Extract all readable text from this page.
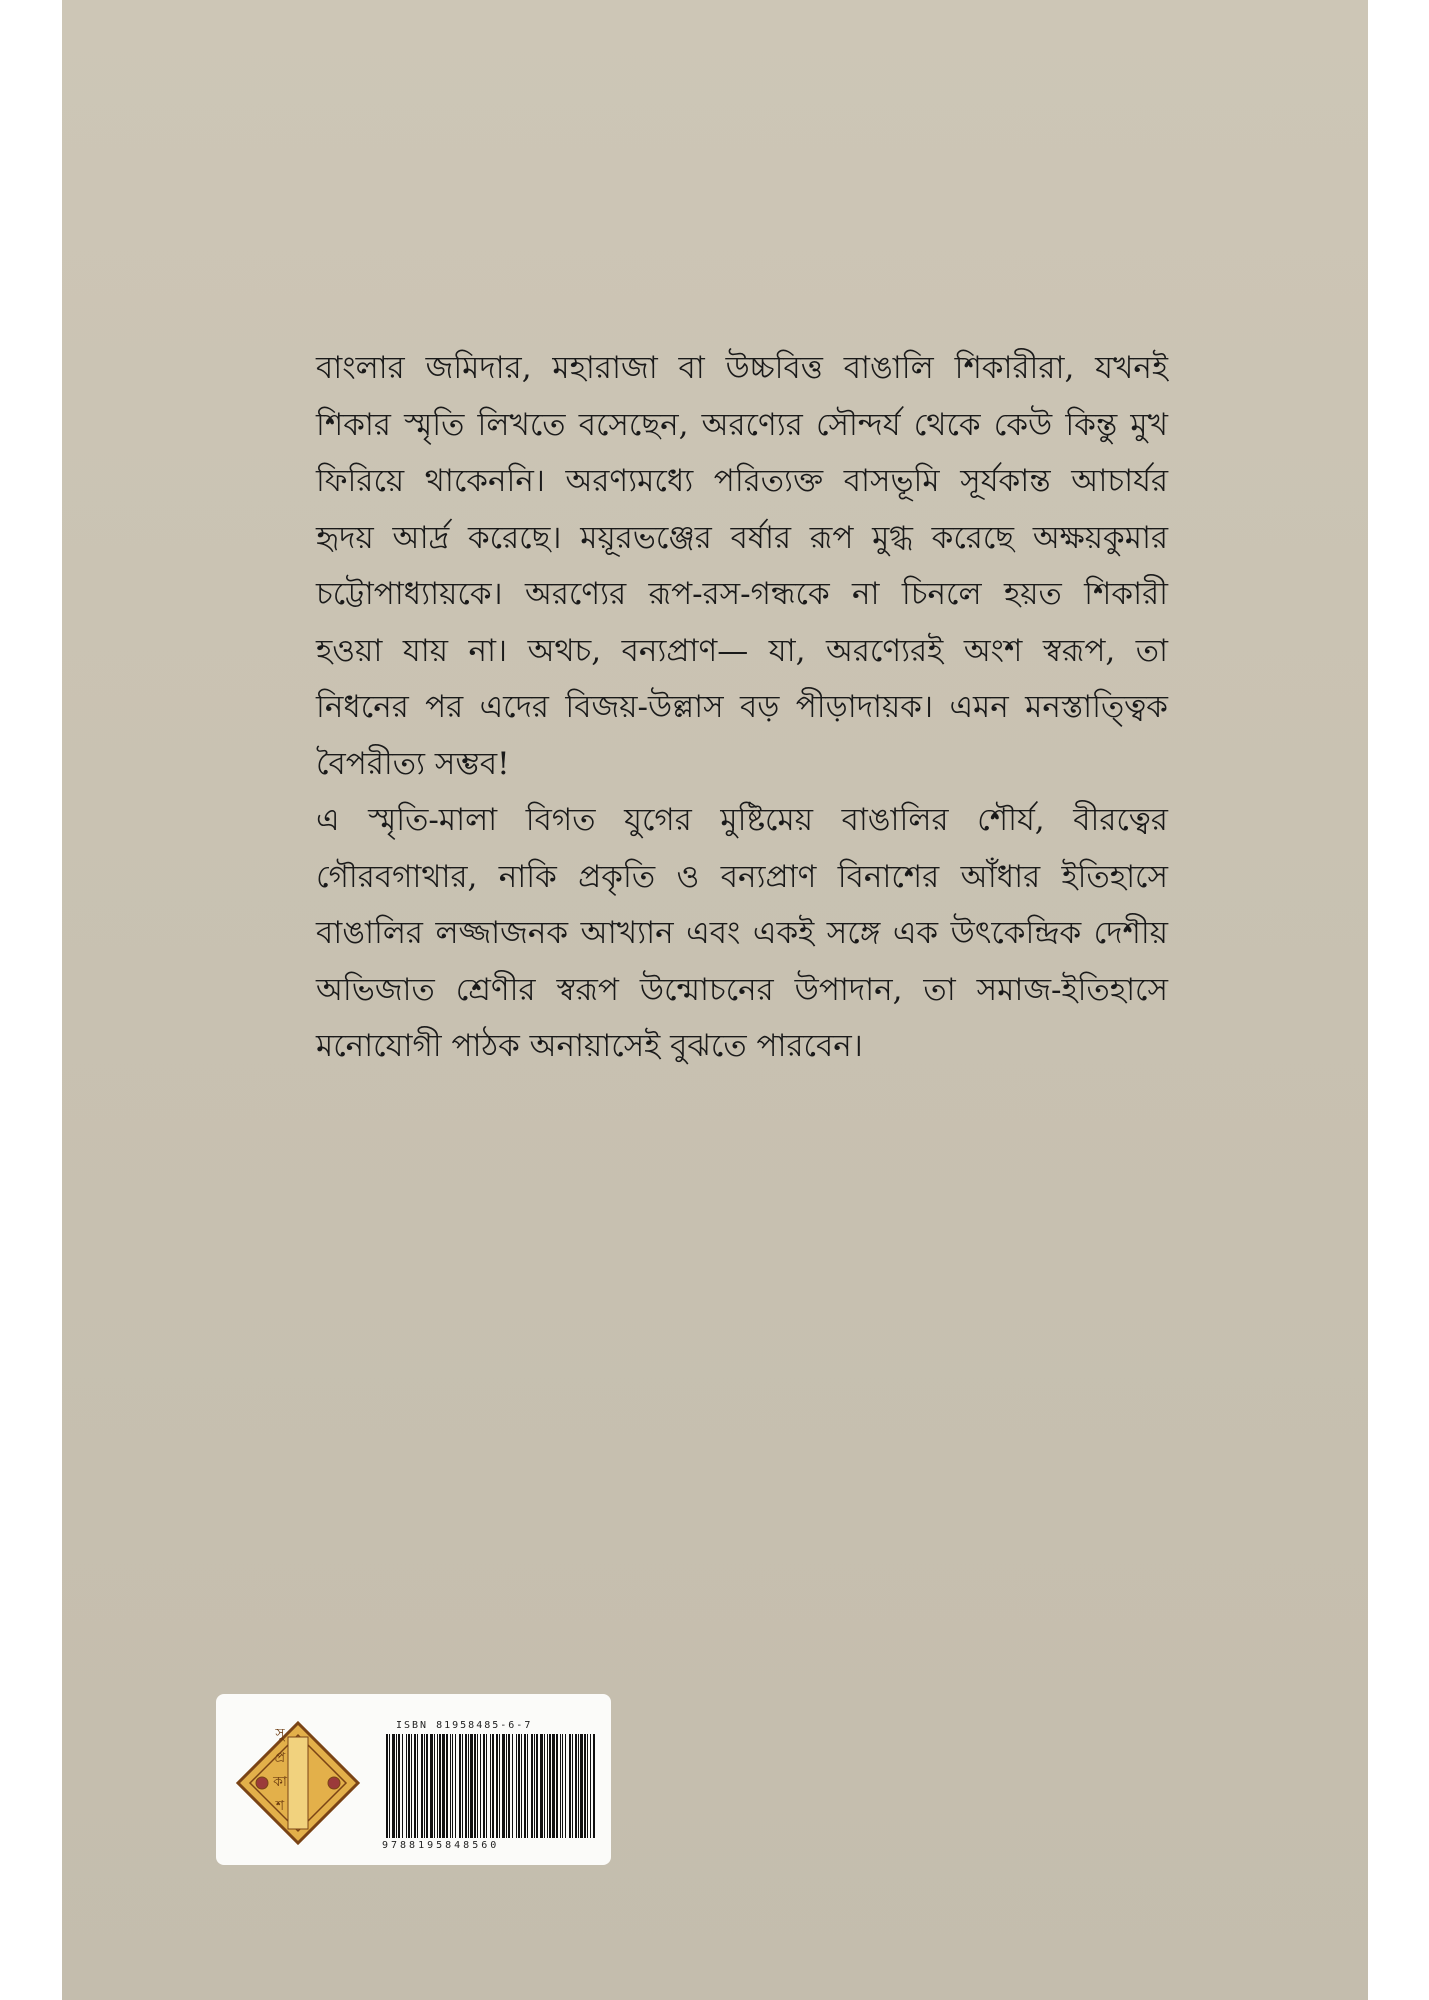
বাংলার জমিদার, মহারাজা বা উচ্চবিত্ত বাঙালি শিকারীরা, যখনই শিকার স্মৃতি লিখতে বসেছেন, অরণ্যের সৌন্দর্য থেকে কেউ কিন্তু মুখ ফিরিয়ে থাকেননি। অরণ্যমধ্যে পরিত্যক্ত বাসভূমি সূর্যকান্ত আচার্যর হৃদয় আর্দ্র করেছে। ময়ূরভঞ্জের বর্ষার রূপ মুগ্ধ করেছে অক্ষয়কুমার চট্টোপাধ্যায়কে। অরণ্যের রূপ-রস-গন্ধকে না চিনলে হয়ত শিকারী হওয়া যায় না। অথচ, বন্যপ্রাণ— যা, অরণ্যেরই অংশ স্বরূপ, তা নিধনের পর এদের বিজয়-উল্লাস বড় পীড়াদায়ক। এমন মনস্তাত্ত্বিক বৈপরীত্য সম্ভব!

এ স্মৃতি-মালা বিগত যুগের মুষ্টিমেয় বাঙালির শৌর্য, বীরত্বের গৌরবগাথার, নাকি প্রকৃতি ও বন্যপ্রাণ বিনাশের আঁধার ইতিহাসে বাঙালির লজ্জাজনক আখ্যান এবং একই সঙ্গে এক উৎকেন্দ্রিক দেশীয় অভিজাত শ্রেণীর স্বরূপ উন্মোচনের উপাদান, তা সমাজ-ইতিহাসে মনোযোগী পাঠক অনায়াসেই বুঝতে পারবেন।

সু
প্র
কা
শ
ISBN 81958485-6-7
9788195848560
